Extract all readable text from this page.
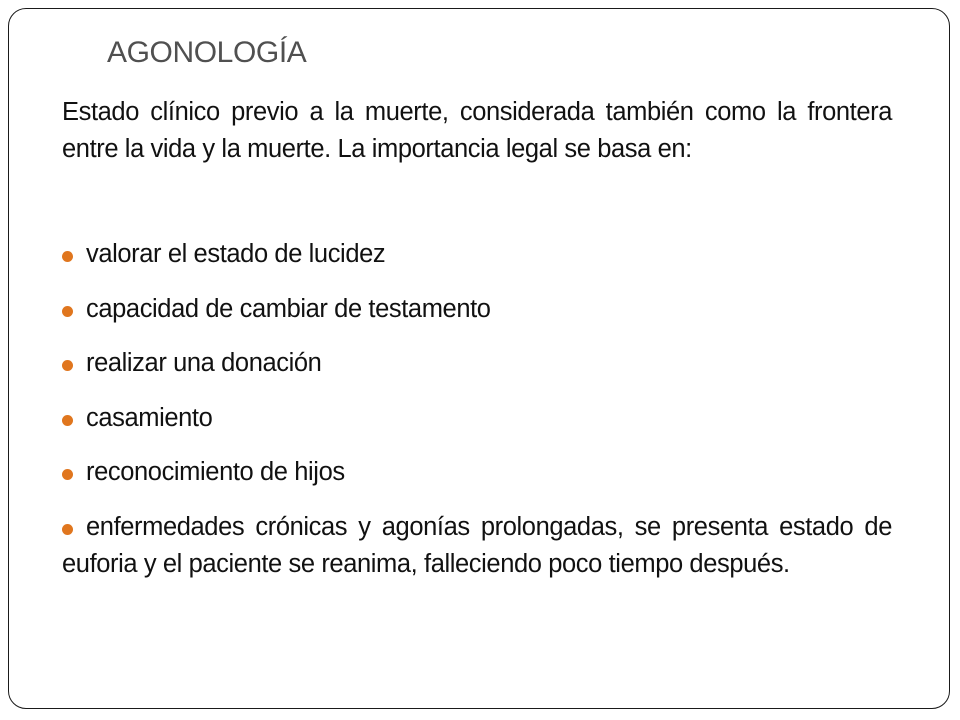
AGONOLOGÍA
Estado clínico previo a la muerte, considerada también como la frontera entre la vida y la muerte. La importancia legal se basa en:
valorar el estado de lucidez
capacidad de cambiar de testamento
realizar una donación
casamiento
reconocimiento de hijos
enfermedades crónicas y agonías prolongadas, se presenta estado de euforia y el paciente se reanima, falleciendo poco tiempo después.
